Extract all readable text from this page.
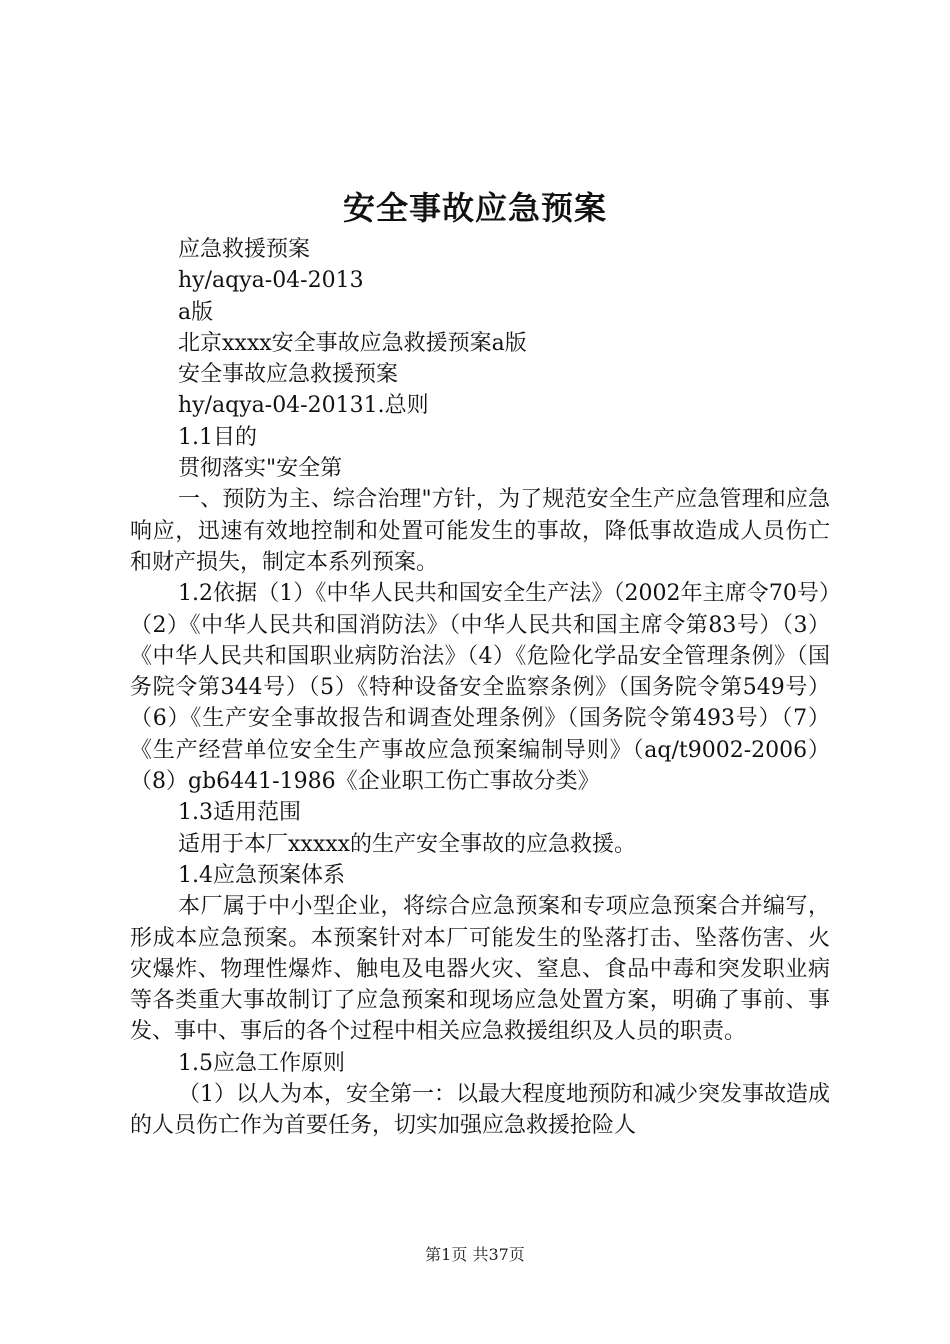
安全事故应急预案

应急救援预案

hy/aqya-04-2013

a版

北京xxxx安全事故应急救援预案a版

安全事故应急救援预案

hy/aqya-04-20131.总则

1.1目的

贯彻落实"安全第

一、预防为主、综合治理"方针，为了规范安全生产应急管理和应急响应，迅速有效地控制和处置可能发生的事故，降低事故造成人员伤亡和财产损失，制定本系列预案。

1.2依据（1）《中华人民共和国安全生产法》（2002年主席令70号）（2）《中华人民共和国消防法》（中华人民共和国主席令第83号）（3）《中华人民共和国职业病防治法》（4）《危险化学品安全管理条例》（国务院令第344号）（5）《特种设备安全监察条例》（国务院令第549号）（6）《生产安全事故报告和调查处理条例》（国务院令第493号）（7）《生产经营单位安全生产事故应急预案编制导则》（aq/t9002-2006）（8）gb6441-1986《企业职工伤亡事故分类》

1.3适用范围

适用于本厂xxxxx的生产安全事故的应急救援。

1.4应急预案体系

本厂属于中小型企业，将综合应急预案和专项应急预案合并编写，形成本应急预案。本预案针对本厂可能发生的坠落打击、坠落伤害、火灾爆炸、物理性爆炸、触电及电器火灾、窒息、食品中毒和突发职业病等各类重大事故制订了应急预案和现场应急处置方案，明确了事前、事发、事中、事后的各个过程中相关应急救援组织及人员的职责。

1.5应急工作原则

（1）以人为本，安全第一：以最大程度地预防和减少突发事故造成的人员伤亡作为首要任务，切实加强应急救援抢险人

第1页 共37页
